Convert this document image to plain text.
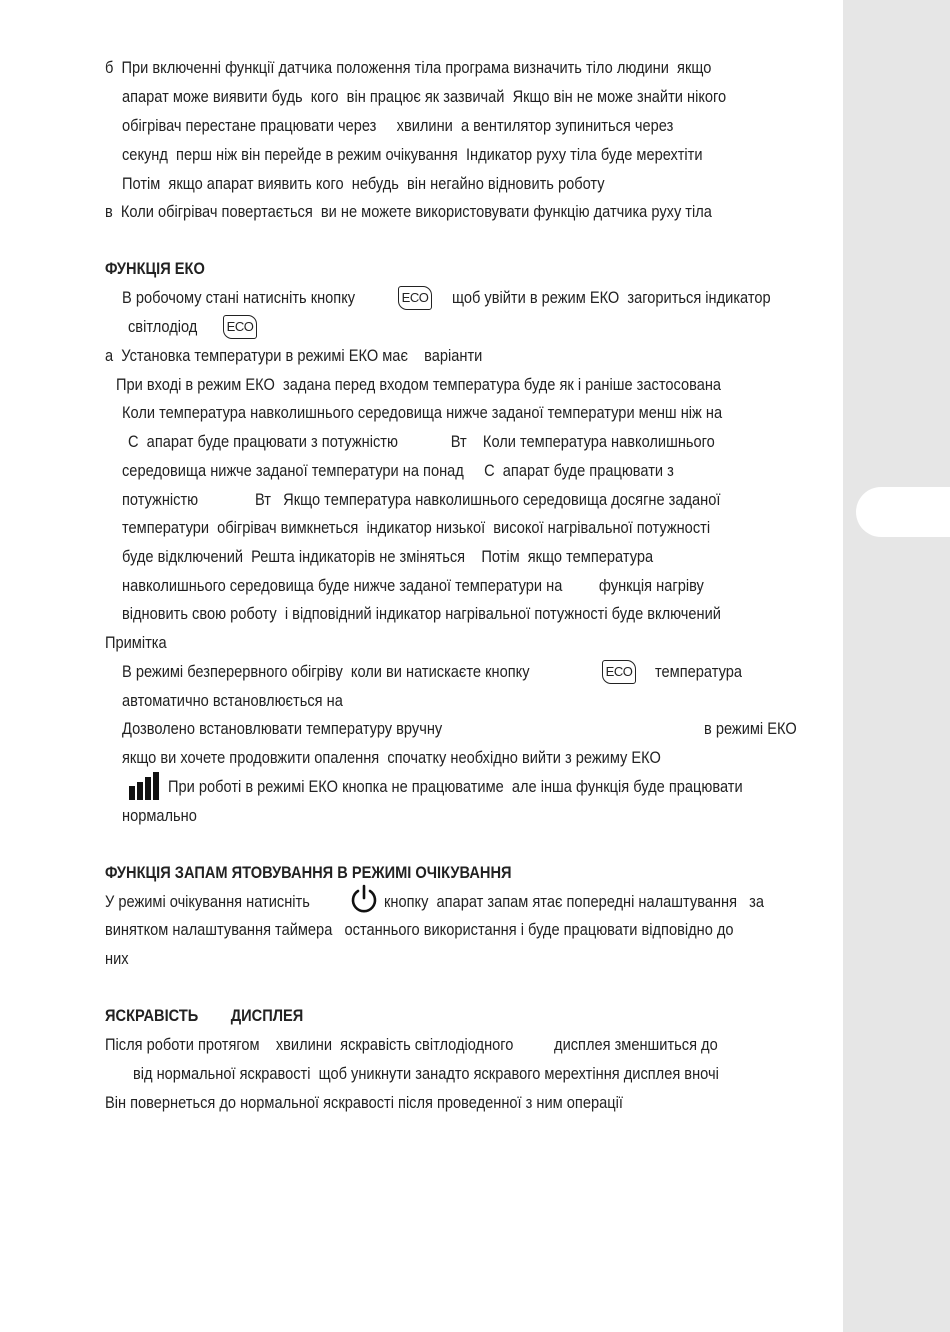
б  При включенні функції датчика положення тіла програма визначить тіло людини  якщо
апарат може виявити будь  кого  він працює як зазвичай  Якщо він не може знайти нікого
обігрівач перестане працювати через     хвилини  а вентилятор зупиниться через
секунд  перш ніж він перейде в режим очікування  Індикатор руху тіла буде мерехтіти
Потім  якщо апарат виявить кого  небудь  він негайно відновить роботу
в  Коли обігрівач повертається  ви не можете використовувати функцію датчика руху тіла
ФУНКЦІЯ ЕКО
В робочому стані натисніть кнопку	ECO щоб увійти в режим ЕКО  загориться індикатор
світлодіод ECO
а  Установка температури в режимі ЕКО має    варіанти
При вході в режим ЕКО  задана перед входом температура буде як і раніше застосована
Коли температура навколишнього середовища нижче заданої температури менш ніж на
С  апарат буде працювати з потужністю             Вт    Коли температура навколишнього
середовища нижче заданої температури на понад     С  апарат буде працювати з
потужністю              Вт   Якщо температура навколишнього середовища досягне заданої
температури  обігрівач вимкнеться  індикатор низької  високої нагрівальної потужності
буде відключений  Решта індикаторів не зміняться    Потім  якщо температура
навколишнього середовища буде нижче заданої температури на         функція нагріву
відновить свою роботу  і відповідний індикатор нагрівальної потужності буде включений
Примітка
В режимі безперервного обігріву  коли ви натискаєте кнопку	ECO температура
автоматично встановлюється на
Дозволено встановлювати температуру вручну	в режимі ЕКО
якщо ви хочете продовжити опалення  спочатку необхідно вийти з режиму ЕКО
При роботі в режимі ЕКО кнопка не працюватиме  але інша функція буде працювати
нормально
ФУНКЦІЯ ЗАПАМ ЯТОВУВАННЯ В РЕЖИМІ ОЧІКУВАННЯ
У режимі очікування натисніть	кнопку  апарат запам ятає попередні налаштування   за
винятком налаштування таймера   останнього використання і буде працювати відповідно до
них
ЯСКРАВІСТЬ        ДИСПЛЕЯ
Після роботи протягом    хвилини  яскравість світлодіодного          дисплея зменшиться до
від нормальної яскравості  щоб уникнути занадто яскравого мерехтіння дисплея вночі
Він повернеться до нормальної яскравості після проведенної з ним операції
